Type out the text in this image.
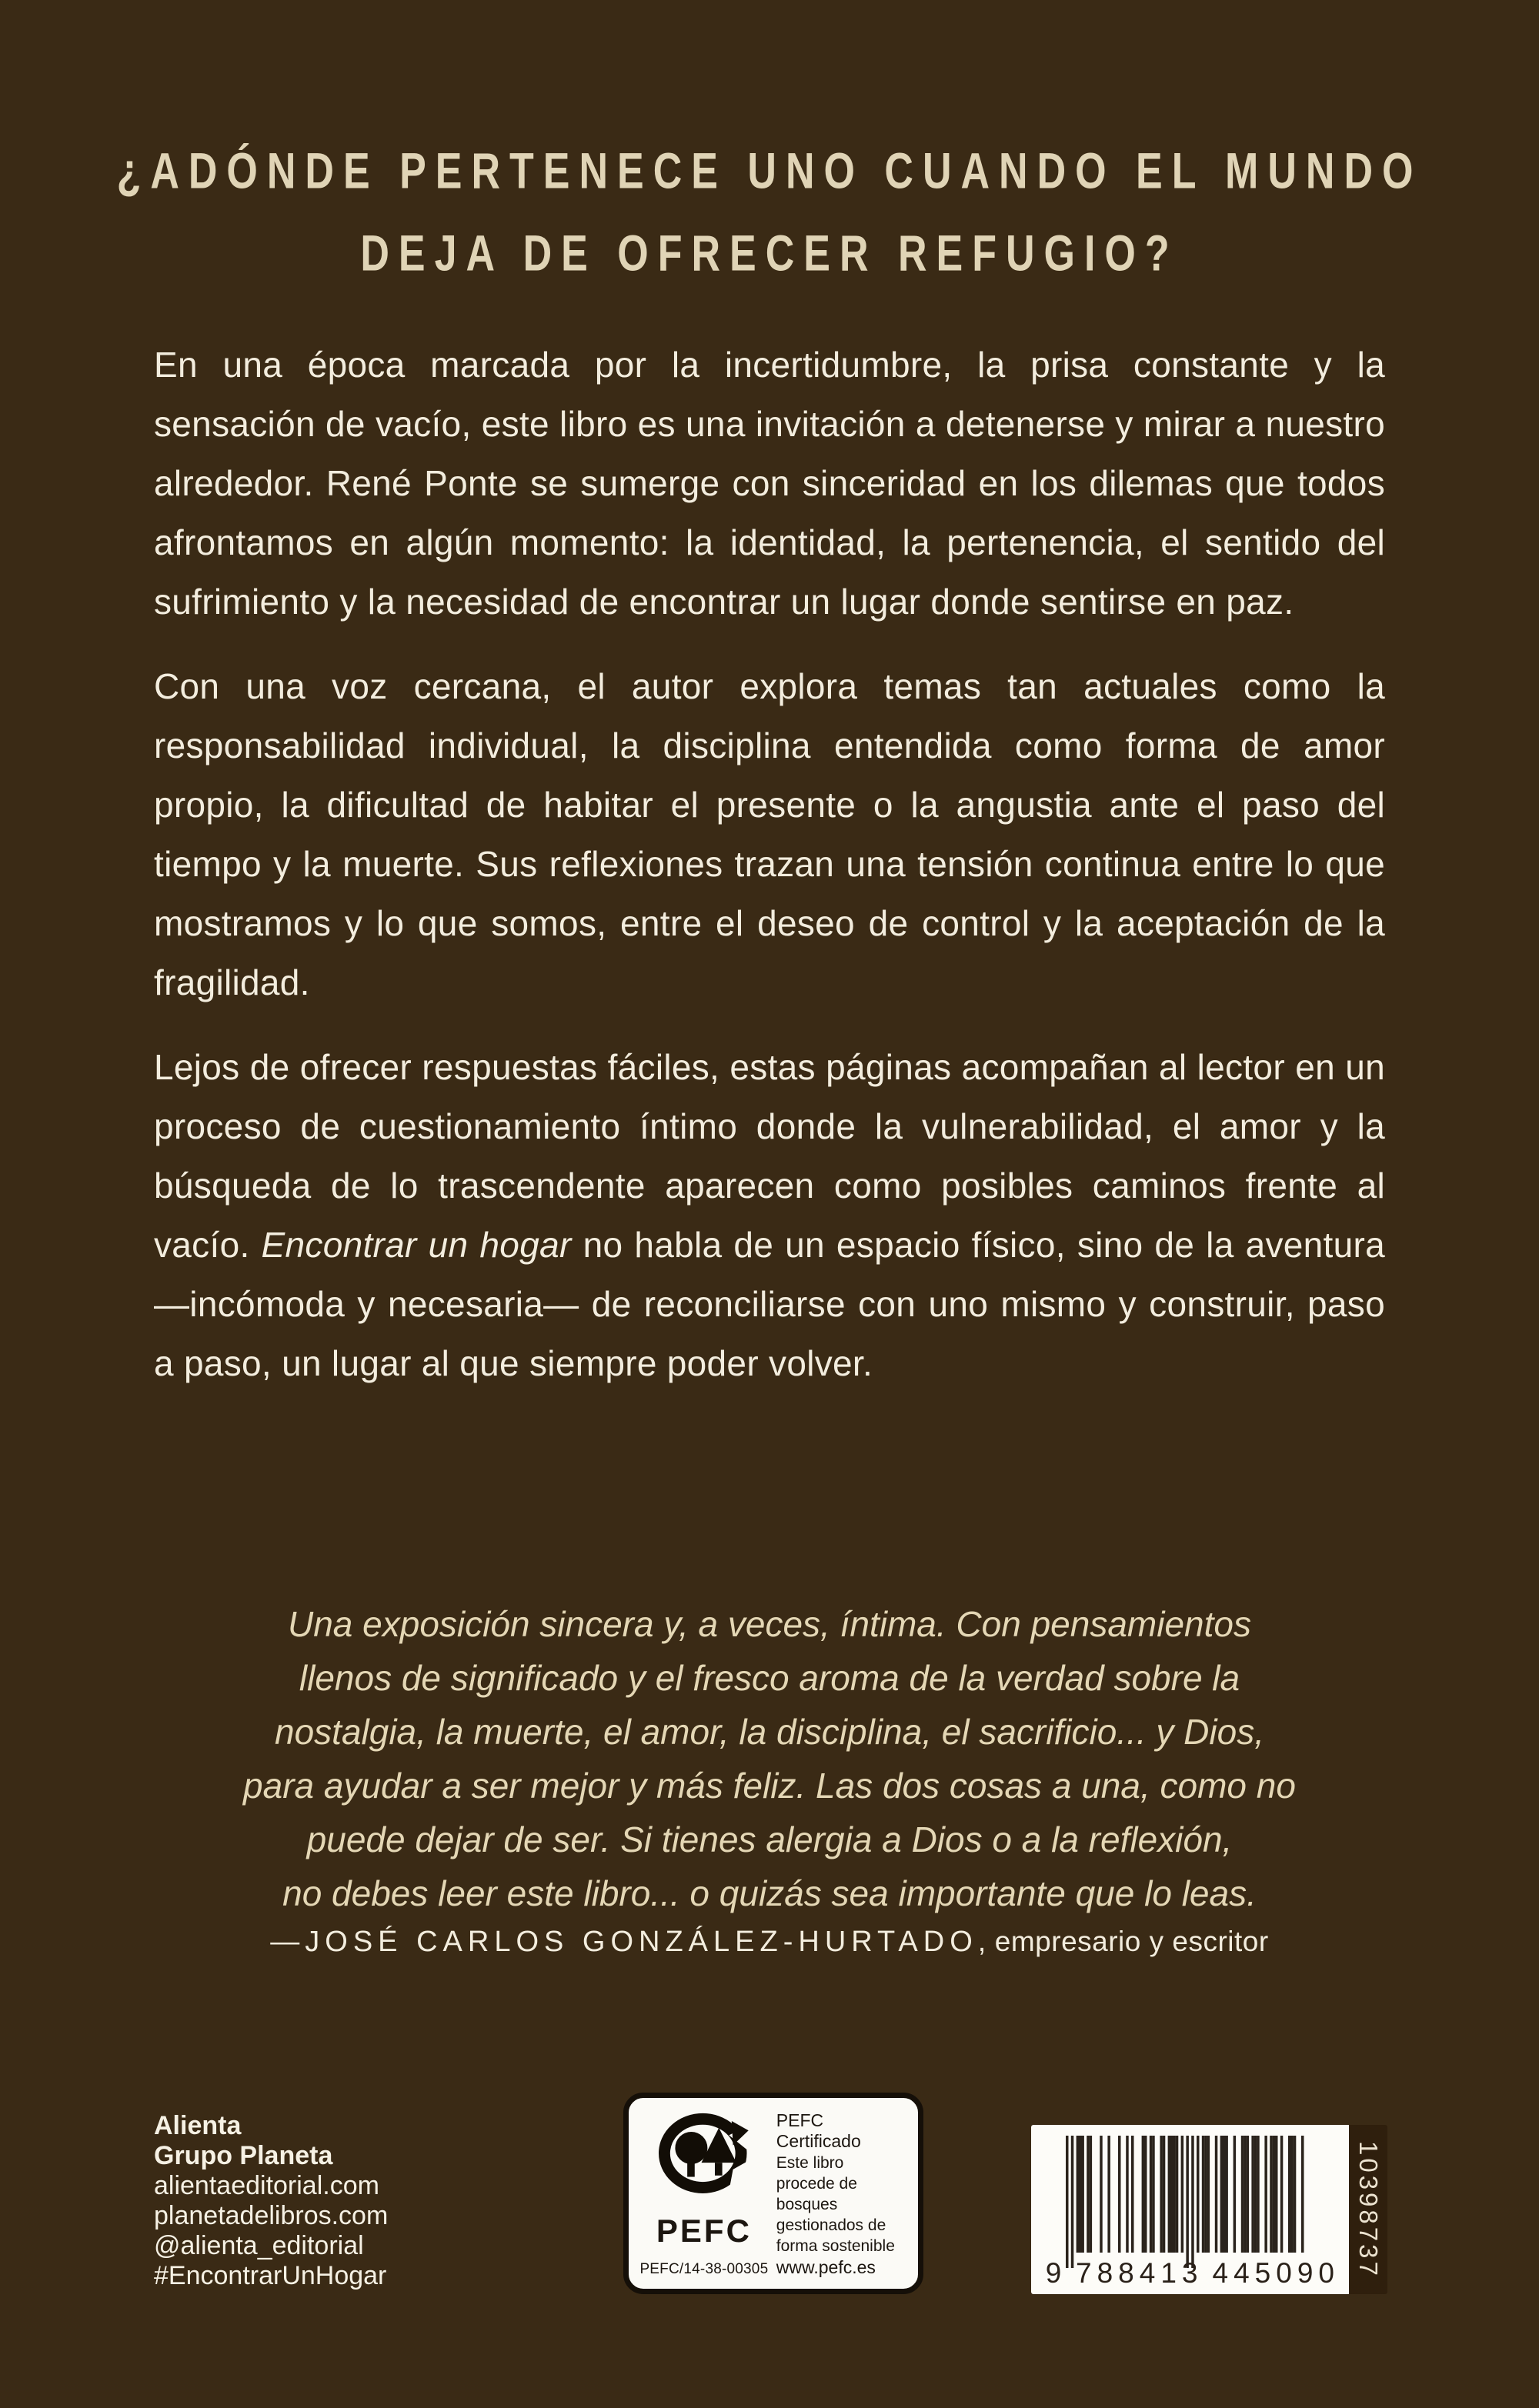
¿ADÓNDE PERTENECE UNO CUANDO EL MUNDO
DEJA DE OFRECER REFUGIO?

En una época marcada por la incertidumbre, la prisa constante y la sensación de vacío, este libro es una invitación a detenerse y mirar a nuestro alrededor. René Ponte se sumerge con sinceridad en los dilemas que todos afrontamos en algún momento: la identidad, la pertenencia, el sentido del sufrimiento y la necesidad de encontrar un lugar donde sentirse en paz.

Con una voz cercana, el autor explora temas tan actuales como la responsabilidad individual, la disciplina entendida como forma de amor propio, la dificultad de habitar el presente o la angustia ante el paso del tiempo y la muerte. Sus reflexiones trazan una tensión continua entre lo que mostramos y lo que somos, entre el deseo de control y la aceptación de la fragilidad.

Lejos de ofrecer respuestas fáciles, estas páginas acompañan al lector en un proceso de cuestionamiento íntimo donde la vulnerabilidad, el amor y la búsqueda de lo trascendente aparecen como posibles caminos frente al vacío. Encontrar un hogar no habla de un espacio físico, sino de la aventura —incómoda y necesaria— de reconciliarse con uno mismo y construir, paso a paso, un lugar al que siempre poder volver.

Una exposición sincera y, a veces, íntima. Con pensamientos
llenos de significado y el fresco aroma de la verdad sobre la
nostalgia, la muerte, el amor, la disciplina, el sacrificio... y Dios,
para ayudar a ser mejor y más feliz. Las dos cosas a una, como no
puede dejar de ser. Si tienes alergia a Dios o a la reflexión,
no debes leer este libro... o quizás sea importante que lo leas.
—JOSÉ CARLOS GONZÁLEZ-HURTADO, empresario y escritor
Alienta
Grupo Planeta
alientaeditorial.com
planetadelibros.com
@alienta_editorial
#EncontrarUnHogar
PEFC
PEFC/14-38-00305
PEFC Certificado
Este libro procede de bosques gestionados de forma sostenible
www.pefc.es	9 788413 445090 10398737
